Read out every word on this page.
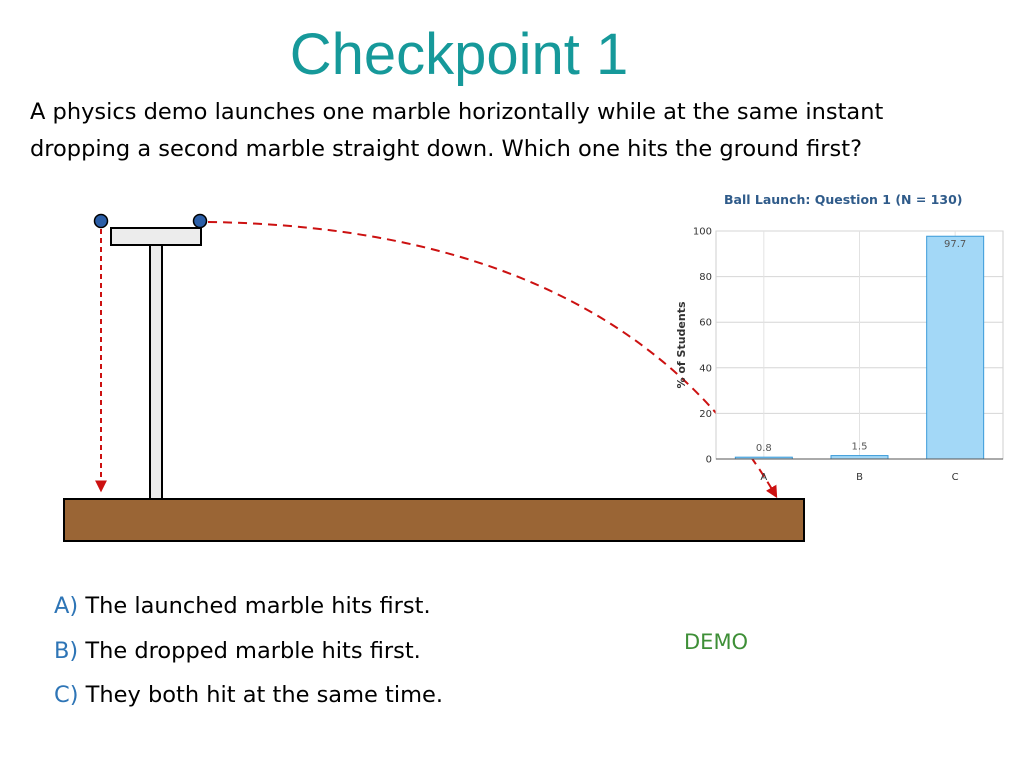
Checkpoint 1
A physics demo launches one marble horizontally while at the same instant dropping a second marble straight down. Which one hits the ground first?
Ball Launch: Question 1 (N = 130)
0
20
40
60
80
100
0.8
A
1.5
B
97.7
C
% of Students
A) The launched marble hits first.
B) The dropped marble hits first.
C) They both hit at the same time.
DEMO
